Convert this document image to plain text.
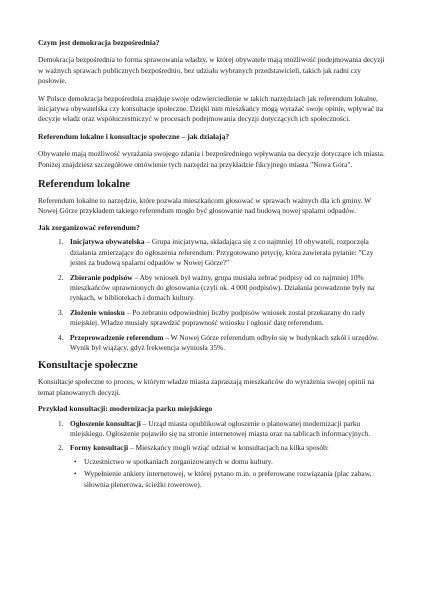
Czym jest demokracja bezpośrednia?

Demokracja bezpośrednia to forma sprawowania władzy, w której obywatele mają możliwość podejmowania decyzji w ważnych sprawach publicznych bezpośrednio, bez udziału wybranych przedstawicieli, takich jak radni czy posłowie.

W Polsce demokracja bezpośrednia znajduje swoje odzwierciedlenie w takich narzędziach jak referendum lokalne, inicjatywa obywatelska czy konsultacje społeczne. Dzięki nim mieszkańcy mogą wyrażać swoje opinie, wpływać na decyzje władz oraz współuczestniczyć w procesach podejmowania decyzji dotyczących ich społeczności.

Referendum lokalne i konsultacje społeczne – jak działają?

Obywatele mają możliwość wyrażania swojego zdania i bezpośredniego wpływania na decyzje dotyczące ich miasta. Poniżej znajdziesz szczegółowe omówienie tych narzędzi na przykładzie fikcyjnego miasta "Nowa Góra".

Referendum lokalne

Referendum lokalne to narzędzie, które pozwala mieszkańcom głosować w sprawach ważnych dla ich gminy. W Nowej Górze przykładem takiego referendum mogło być głosowanie nad budową nowej spalarni odpadów.

Jak zorganizować referendum?

1. Inicjatywa obywatelska – Grupa inicjatywna, składająca się z co najmniej 10 obywateli, rozpoczęła działania zmierzające do ogłoszenia referendum. Przygotowano petycję, która zawierała pytanie: "Czy jesteś za budową spalarni odpadów w Nowej Górze?"
2. Zbieranie podpisów – Aby wniosek był ważny, grupa musiała zebrać podpisy od co najmniej 10% mieszkańców uprawnionych do głosowania (czyli ok. 4 000 podpisów). Działania prowadzone były na rynkach, w bibliotekach i domach kultury.
3. Złożenie wniosku – Po zebraniu odpowiedniej liczby podpisów wniosek został przekazany do rady miejskiej. Władze musiały sprawdzić poprawność wniosku i ogłosić datę referendum.
4. Przeprowadzenie referendum – W Nowej Górze referendum odbyło się w budynkach szkół i urzędów. Wynik był wiążący, gdyż frekwencja wyniosła 35%.

Konsultacje społeczne

Konsultacje społeczne to proces, w którym władze miasta zapraszają mieszkańców do wyrażenia swojej opinii na temat planowanych decyzji.

Przykład konsultacji: modernizacja parku miejskiego

1. Ogłoszenie konsultacji – Urząd miasta opublikował ogłoszenie o planowanej modernizacji parku miejskiego. Ogłoszenie pojawiło się na stronie internetowej miasta oraz na tablicach informacyjnych.
2. Formy konsultacji – Mieszkańcy mogli wziąć udział w konsultacjach na kilka sposób:
• Uczestnictwo w spotkaniach zorganizowanych w domu kultury.
• Wypełnienie ankiety internetowej, w której pytano m.in. o preferowane rozwiązania (plac zabaw, siłownia plenerowa, ścieżki rowerowe).
